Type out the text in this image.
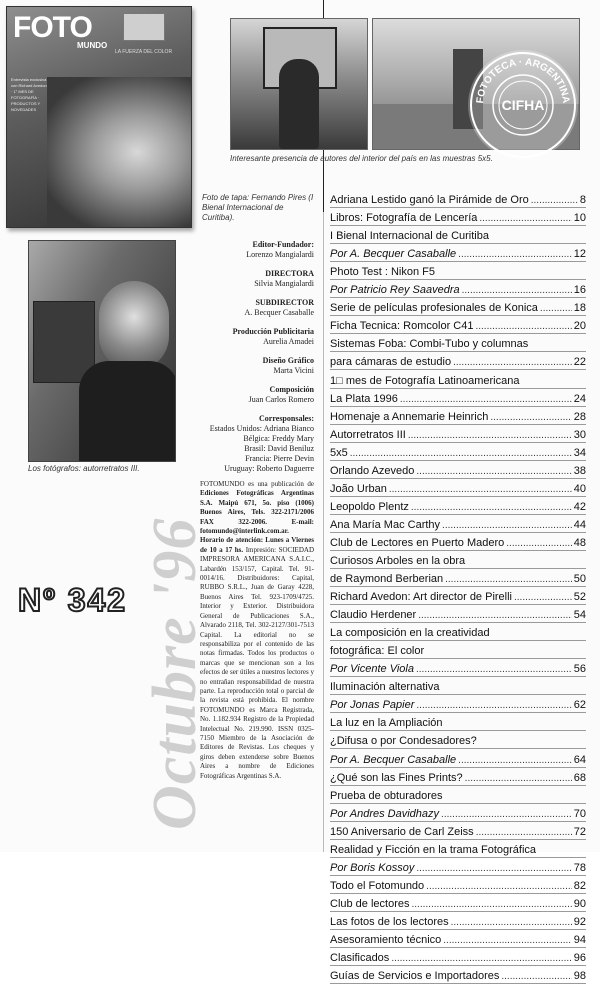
FOTO
MUNDO
LA FUERZA DEL COLOR
Entrevista exclusiva con Richard Avedon · 1° MES DE FOTOGRAFÍA · PRODUCTOS Y NOVEDADES
FOTOTECA · ARGENTINA
CIFHA
Interesante presencia de autores del interior del país en las muestras 5x5.
Foto de tapa: Fernando Pires (I Bienal Internacional de Curitiba).
Los fotógrafos: autorretratos III.
Editor-Fundador:
Lorenzo Mangialardi
DIRECTORA
Silvia Mangialardi
SUBDIRECTOR
A. Becquer Casaballe
Producción Publicitaria
Aurelia Amadei
Diseño Gráfico
Marta Vicini
Composición
Juan Carlos Romero
Corresponsales:
Estados Unidos: Adriana Bianco
Bélgica: Freddy Mary
Brasil: David Beniluz
Francia: Pierre Devin
Uruguay: Roberto Daguerre
FOTOMUNDO es una publicación de Ediciones Fotográficas Argentinas S.A. Maipú 671, 5o. piso (1006) Buenos Aires, Tels. 322-2171/2006 FAX 322-2006. E-mail: fotomundo@interlink.com.ar. Horario de atención: Lunes a Viernes de 10 a 17 hs. Impresión: SOCIEDAD IMPRESORA AMERICANA S.A.I.C., Labardén 153/157, Capital. Tel. 91-0014/16. Distribuidores: Capital, RUBBO S.R.L., Juan de Garay 4228, Buenos Aires Tel. 923-1709/4725. Interior y Exterior. Distribuidora General de Publicaciones S.A., Alvarado 2118, Tel. 302-2127/301-7513 Capital. La editorial no se responsabiliza por el contenido de las notas firmadas. Todos los productos o marcas que se mencionan son a los efectos de ser útiles a nuestros lectores y no entrañan responsabilidad de nuestra parte. La reproducción total o parcial de la revista está prohibida. El nombre FOTOMUNDO es Marca Registrada, No. 1.182.934 Registro de la Propiedad Intelectual No. 219.990. ISSN 0325-7150 Miembro de la Asociación de Editores de Revistas. Los cheques y giros deben extenderse sobre Buenos Aires a nombre de Ediciones Fotográficas Argentinas S.A.
Nº 342 Octubre '96
Adriana Lestido ganó la Pirámide de Oro .....	8
Libros: Fotografía de Lencería .....	10
I Bienal Internacional de Curitiba
Por A. Becquer Casaballe .....	12
Photo Test : Nikon F5
Por Patricio Rey Saavedra .....	16
Serie de películas profesionales de Konica .....	18
Ficha Tecnica: Romcolor C41 .....	20
Sistemas Foba: Combi-Tubo y columnas
para cámaras de estudio .....	22
1□ mes de Fotografía Latinoamericana
La Plata 1996 .....	24
Homenaje a Annemarie Heinrich .....	28
Autorretratos III .....	30
5x5 .....	34
Orlando Azevedo .....	38
João Urban .....	40
Leopoldo Plentz .....	42
Ana María Mac Carthy .....	44
Club de Lectores en Puerto Madero .....	48
Curiosos Arboles en la obra
de Raymond Berberian .....	50
Richard Avedon: Art director de Pirelli .....	52
Claudio Herdener .....	54
La composición en la creatividad
fotográfica: El color
Por Vicente Viola .....	56
Iluminación alternativa
Por Jonas Papier .....	62
La luz en la Ampliación
¿Difusa o por Condesadores?
Por A. Becquer Casaballe .....	64
¿Qué son las Fines Prints? .....	68
Prueba de obturadores
Por Andres Davidhazy .....	70
150 Aniversario de Carl Zeiss .....	72
Realidad y Ficción en la trama Fotográfica
Por Boris Kossoy .....	78
Todo el Fotomundo .....	82
Club de lectores .....	90
Las fotos de los lectores .....	92
Asesoramiento técnico .....	94
Clasificados .....	96
Guías de Servicios e Importadores .....	98
